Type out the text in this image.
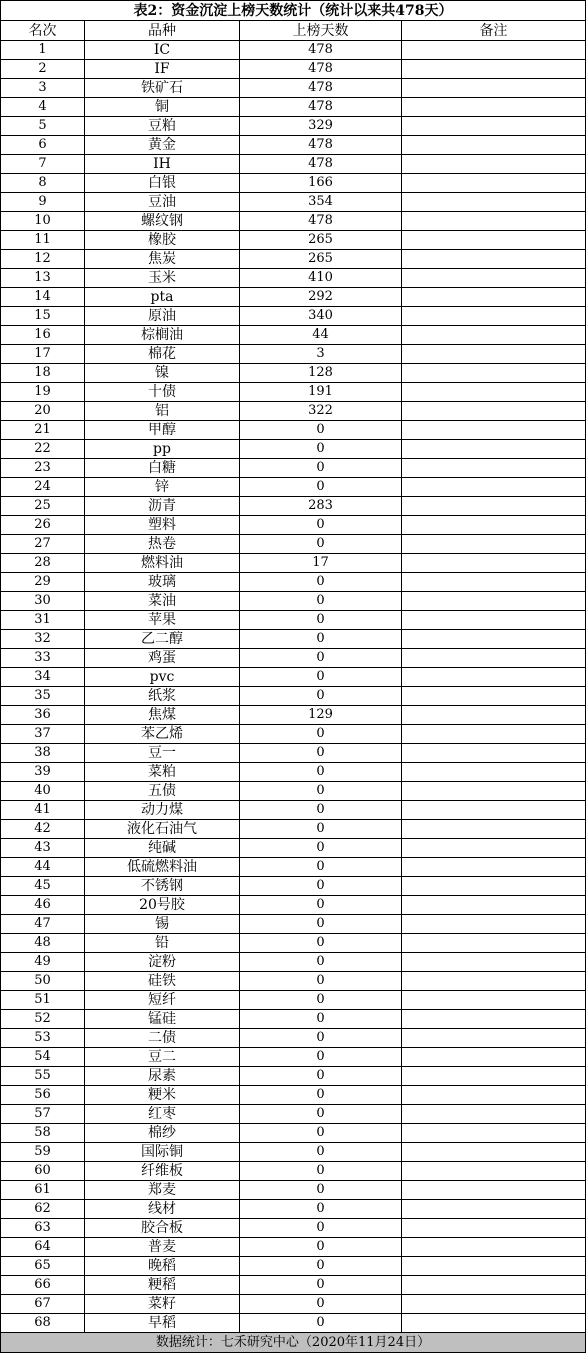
表2：资金沉淀上榜天数统计（统计以来共478天）			
名次	品种	上榜天数	备注
1	IC	478	
2	IF	478	
3	铁矿石	478	
4	铜	478	
5	豆粕	329	
6	黄金	478	
7	IH	478	
8	白银	166	
9	豆油	354	
10	螺纹钢	478	
11	橡胶	265	
12	焦炭	265	
13	玉米	410	
14	pta	292	
15	原油	340	
16	棕榈油	44	
17	棉花	3	
18	镍	128	
19	十债	191	
20	铝	322	
21	甲醇	0	
22	pp	0	
23	白糖	0	
24	锌	0	
25	沥青	283	
26	塑料	0	
27	热卷	0	
28	燃料油	17	
29	玻璃	0	
30	菜油	0	
31	苹果	0	
32	乙二醇	0	
33	鸡蛋	0	
34	pvc	0	
35	纸浆	0	
36	焦煤	129	
37	苯乙烯	0	
38	豆一	0	
39	菜粕	0	
40	五债	0	
41	动力煤	0	
42	液化石油气	0	
43	纯碱	0	
44	低硫燃料油	0	
45	不锈钢	0	
46	20号胶	0	
47	锡	0	
48	铅	0	
49	淀粉	0	
50	硅铁	0	
51	短纤	0	
52	锰硅	0	
53	二债	0	
54	豆二	0	
55	尿素	0	
56	粳米	0	
57	红枣	0	
58	棉纱	0	
59	国际铜	0	
60	纤维板	0	
61	郑麦	0	
62	线材	0	
63	胶合板	0	
64	普麦	0	
65	晚稻	0	
66	粳稻	0	
67	菜籽	0	
68	早稻	0	
数据统计：七禾研究中心（2020年11月24日）			
